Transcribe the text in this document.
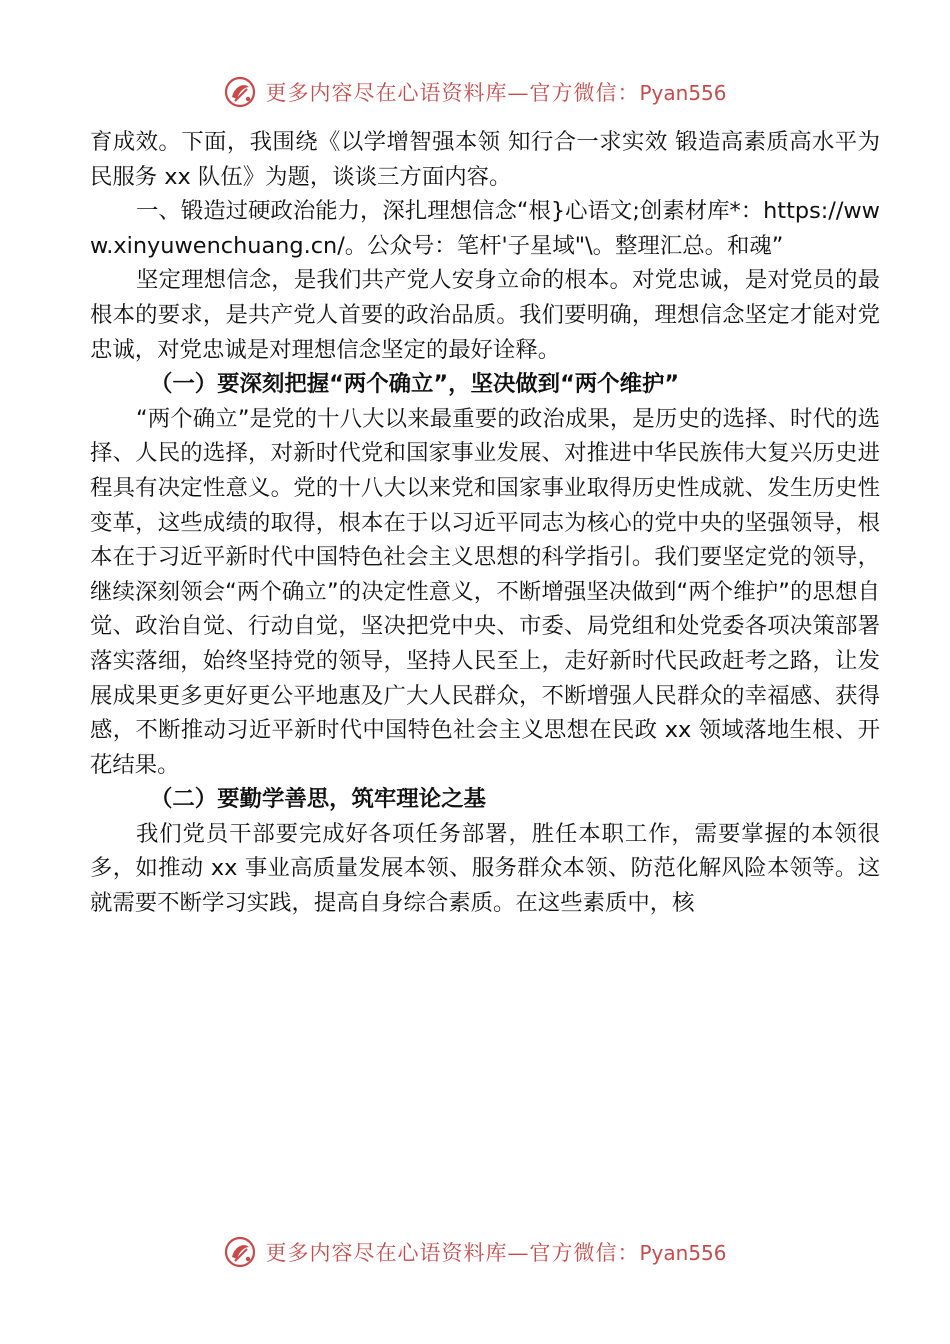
更多内容尽在心语资料库—官方微信：Pyan556

育成效。下面，我围绕《以学增智强本领 知行合一求实效 锻造高素质高水平为民服务 xx 队伍》为题，谈谈三方面内容。

一、锻造过硬政治能力，深扎理想信念“根}心语文;创素材库*：https://www.xinyuwenchuang.cn/。公众号：笔杆'子星域"\。整理汇总。和魂”

坚定理想信念，是我们共产党人安身立命的根本。对党忠诚，是对党员的最根本的要求，是共产党人首要的政治品质。我们要明确，理想信念坚定才能对党忠诚，对党忠诚是对理想信念坚定的最好诠释。

（一）要深刻把握“两个确立”，坚决做到“两个维护”

“两个确立”是党的十八大以来最重要的政治成果，是历史的选择、时代的选择、人民的选择，对新时代党和国家事业发展、对推进中华民族伟大复兴历史进程具有决定性意义。党的十八大以来党和国家事业取得历史性成就、发生历史性变革，这些成绩的取得，根本在于以习近平同志为核心的党中央的坚强领导，根本在于习近平新时代中国特色社会主义思想的科学指引。我们要坚定党的领导，继续深刻领会“两个确立”的决定性意义，不断增强坚决做到“两个维护”的思想自觉、政治自觉、行动自觉，坚决把党中央、市委、局党组和处党委各项决策部署落实落细，始终坚持党的领导，坚持人民至上，走好新时代民政赶考之路，让发展成果更多更好更公平地惠及广大人民群众，不断增强人民群众的幸福感、获得感，不断推动习近平新时代中国特色社会主义思想在民政 xx 领域落地生根、开花结果。

（二）要勤学善思，筑牢理论之基

我们党员干部要完成好各项任务部署，胜任本职工作，需要掌握的本领很多，如推动 xx 事业高质量发展本领、服务群众本领、防范化解风险本领等。这就需要不断学习实践，提高自身综合素质。在这些素质中，核

更多内容尽在心语资料库—官方微信：Pyan556
